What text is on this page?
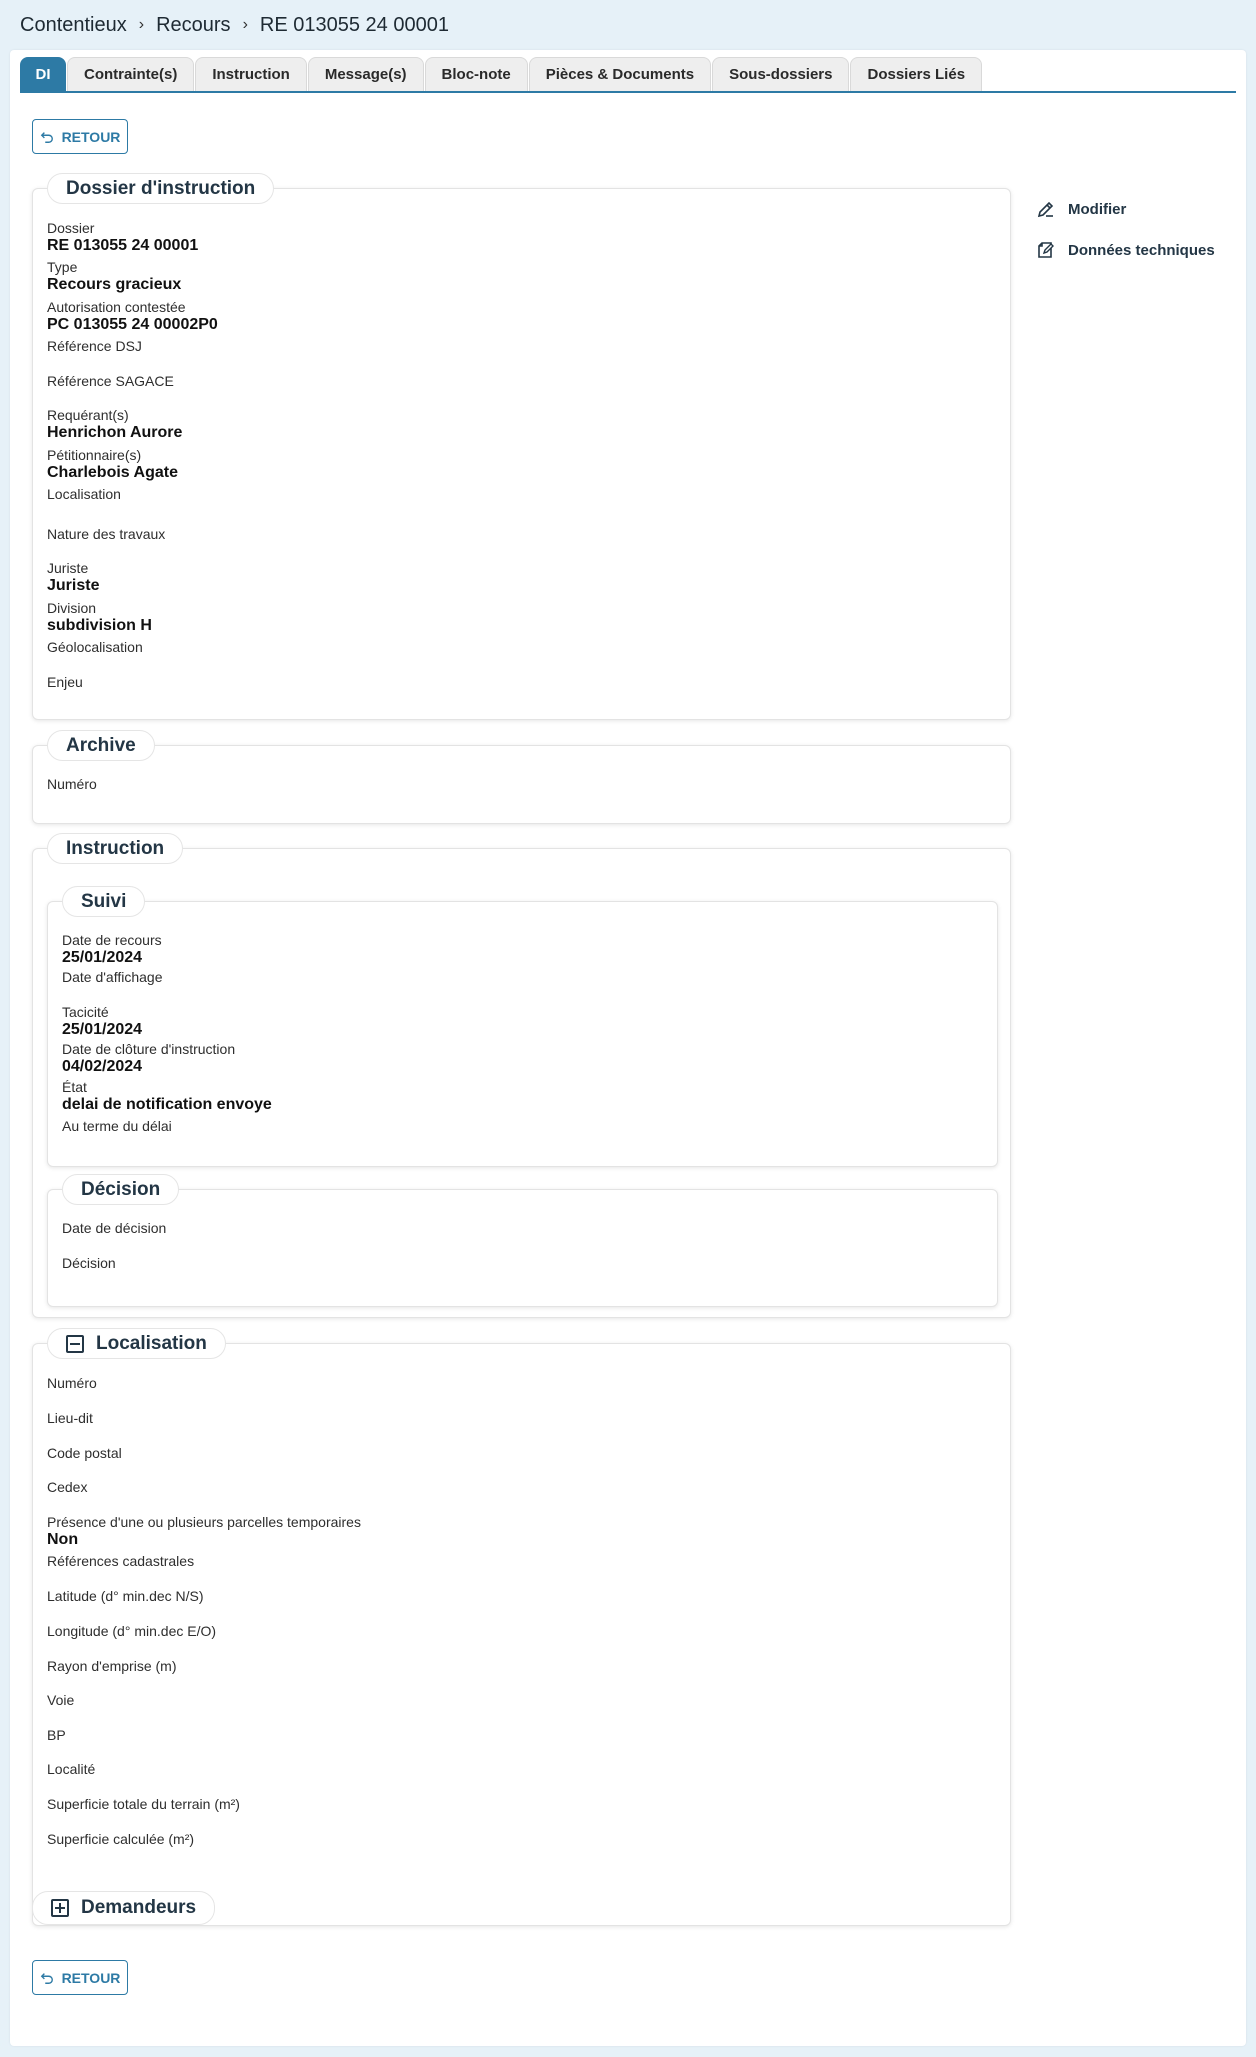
Contentieux › Recours › RE 013055 24 00001
DI	Contrainte(s)	Instruction	Message(s)	Bloc-note	Pièces & Documents	Sous-dossiers	Dossiers Liés
RETOUR
Modifier
Données techniques
Dossier d'instruction
Dossier
RE 013055 24 00001
Type
Recours gracieux
Autorisation contestée
PC 013055 24 00002P0
Référence DSJ
Référence SAGACE
Requérant(s)
Henrichon Aurore
Pétitionnaire(s)
Charlebois Agate
Localisation
Nature des travaux
Juriste
Juriste
Division
subdivision H
Géolocalisation
Enjeu
Archive
Numéro
Instruction
Suivi
Date de recours
25/01/2024
Date d'affichage
Tacicité
25/01/2024
Date de clôture d'instruction
04/02/2024
État
delai de notification envoye
Au terme du délai
Décision
Date de décision
Décision
Localisation
Numéro
Lieu-dit
Code postal
Cedex
Présence d'une ou plusieurs parcelles temporaires
Non
Références cadastrales
Latitude (d° min.dec N/S)
Longitude (d° min.dec E/O)
Rayon d'emprise (m)
Voie
BP
Localité
Superficie totale du terrain (m²)
Superficie calculée (m²)
Demandeurs
RETOUR
